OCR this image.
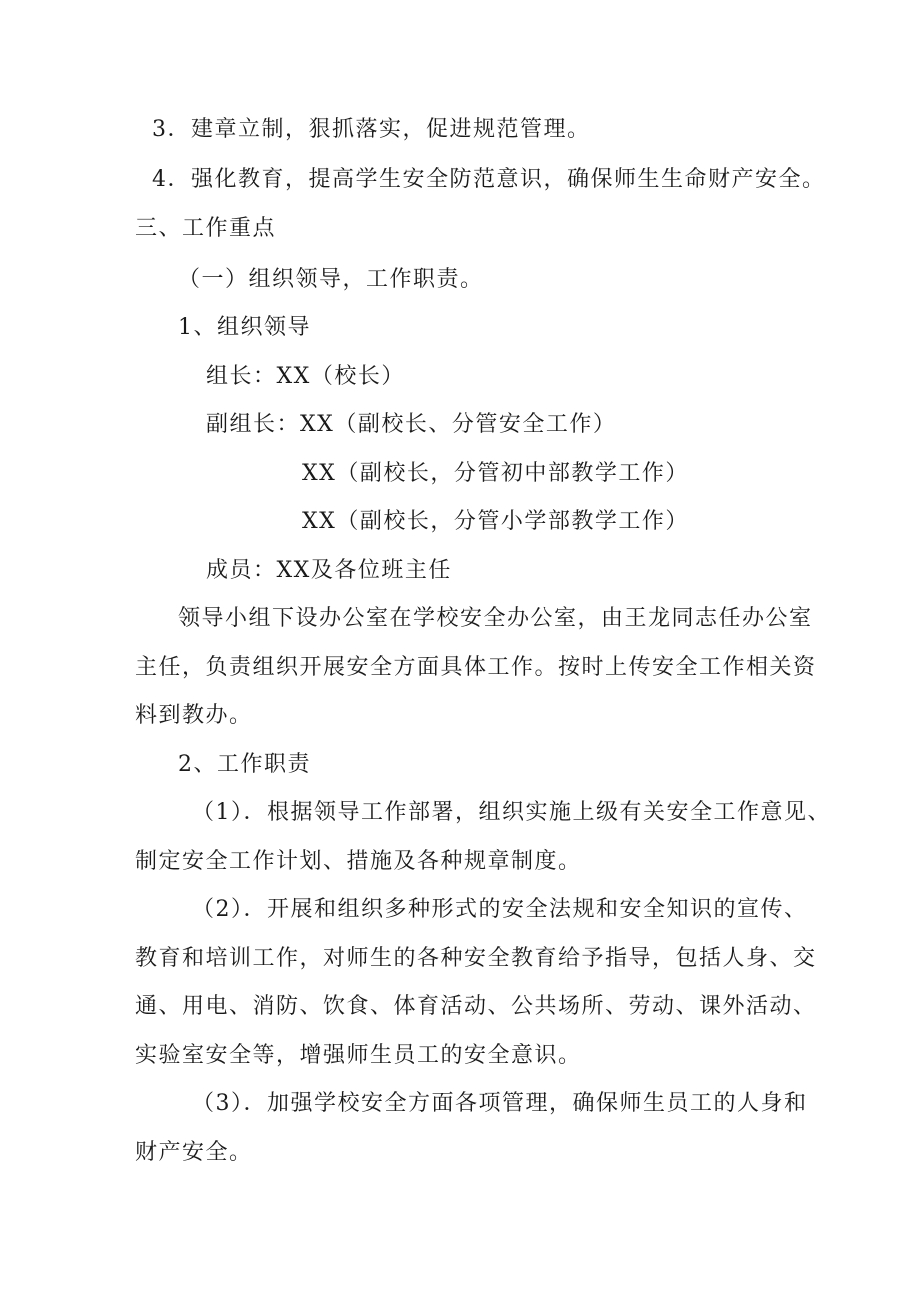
3．建章立制，狠抓落实，促进规范管理。
4．强化教育，提高学生安全防范意识，确保师生生命财产安全。
三、工作重点
（一）组织领导，工作职责。
1、组织领导
组长：XX（校长）
副组长：XX（副校长、分管安全工作）
XX（副校长，分管初中部教学工作）
XX（副校长，分管小学部教学工作）
成员：XX及各位班主任
领导小组下设办公室在学校安全办公室，由王龙同志任办公室
主任，负责组织开展安全方面具体工作。按时上传安全工作相关资
料到教办。
2、工作职责
（1）．根据领导工作部署，组织实施上级有关安全工作意见、
制定安全工作计划、措施及各种规章制度。
（2）．开展和组织多种形式的安全法规和安全知识的宣传、
教育和培训工作，对师生的各种安全教育给予指导，包括人身、交
通、用电、消防、饮食、体育活动、公共场所、劳动、课外活动、
实验室安全等，增强师生员工的安全意识。
（3）．加强学校安全方面各项管理，确保师生员工的人身和
财产安全。
